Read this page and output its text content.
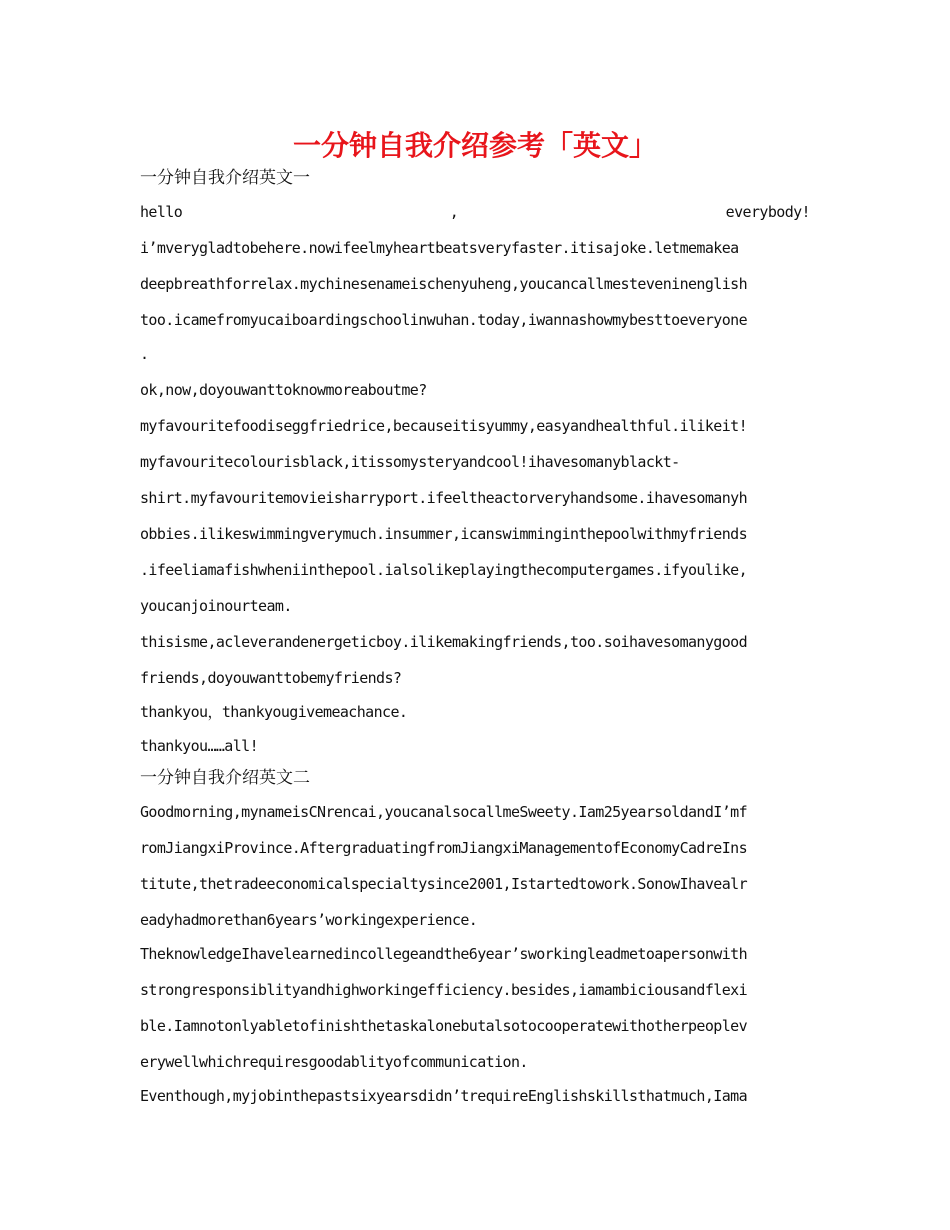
一分钟自我介绍参考「英文」
一分钟自我介绍英文一
hello , everybody!
i’mverygladtobehere.nowifeelmyheartbeatsveryfaster.itisajoke.letmemakea
deepbreathforrelax.mychinesenameischenyuheng,youcancallmesteveninenglish
too.icamefromyucaiboardingschoolinwuhan.today,iwannashowmybesttoeveryone
.
ok,now,doyouwanttoknowmoreaboutme?
myfavouritefoodiseggfriedrice,becauseitisyummy,easyandhealthful.ilikeit!
myfavouritecolourisblack,itissomysteryandcool!ihavesomanyblackt-
shirt.myfavouritemovieisharryport.ifeeltheactorveryhandsome.ihavesomanyh
obbies.ilikeswimmingverymuch.insummer,icanswimminginthepoolwithmyfriends
.ifeeliamafishwheniinthepool.ialsolikeplayingthecomputergames.ifyoulike,
youcanjoinourteam.
thisisme,acleverandenergeticboy.ilikemakingfriends,too.soihavesomanygood
friends,doyouwanttobemyfriends?
thankyou，thankyougivemeachance.
thankyou……all!
一分钟自我介绍英文二
Goodmorning,mynameisCNrencai,youcanalsocallmeSweety.Iam25yearsoldandI’mf
romJiangxiProvince.AftergraduatingfromJiangxiManagementofEconomyCadreIns
titute,thetradeeconomicalspecialtysince2001,Istartedtowork.SonowIhavealr
eadyhadmorethan6years’workingexperience.
TheknowledgeIhavelearnedincollegeandthe6year’sworkingleadmetoapersonwith
strongresponsiblityandhighworkingefficiency.besides,iamambiciousandflexi
ble.Iamnotonlyabletofinishthetaskalonebutalsotocooperatewithotherpeoplev
erywellwhichrequiresgoodablityofcommunication.
Eventhough,myjobinthepastsixyearsdidn’trequireEnglishskillsthatmuch,Iama
